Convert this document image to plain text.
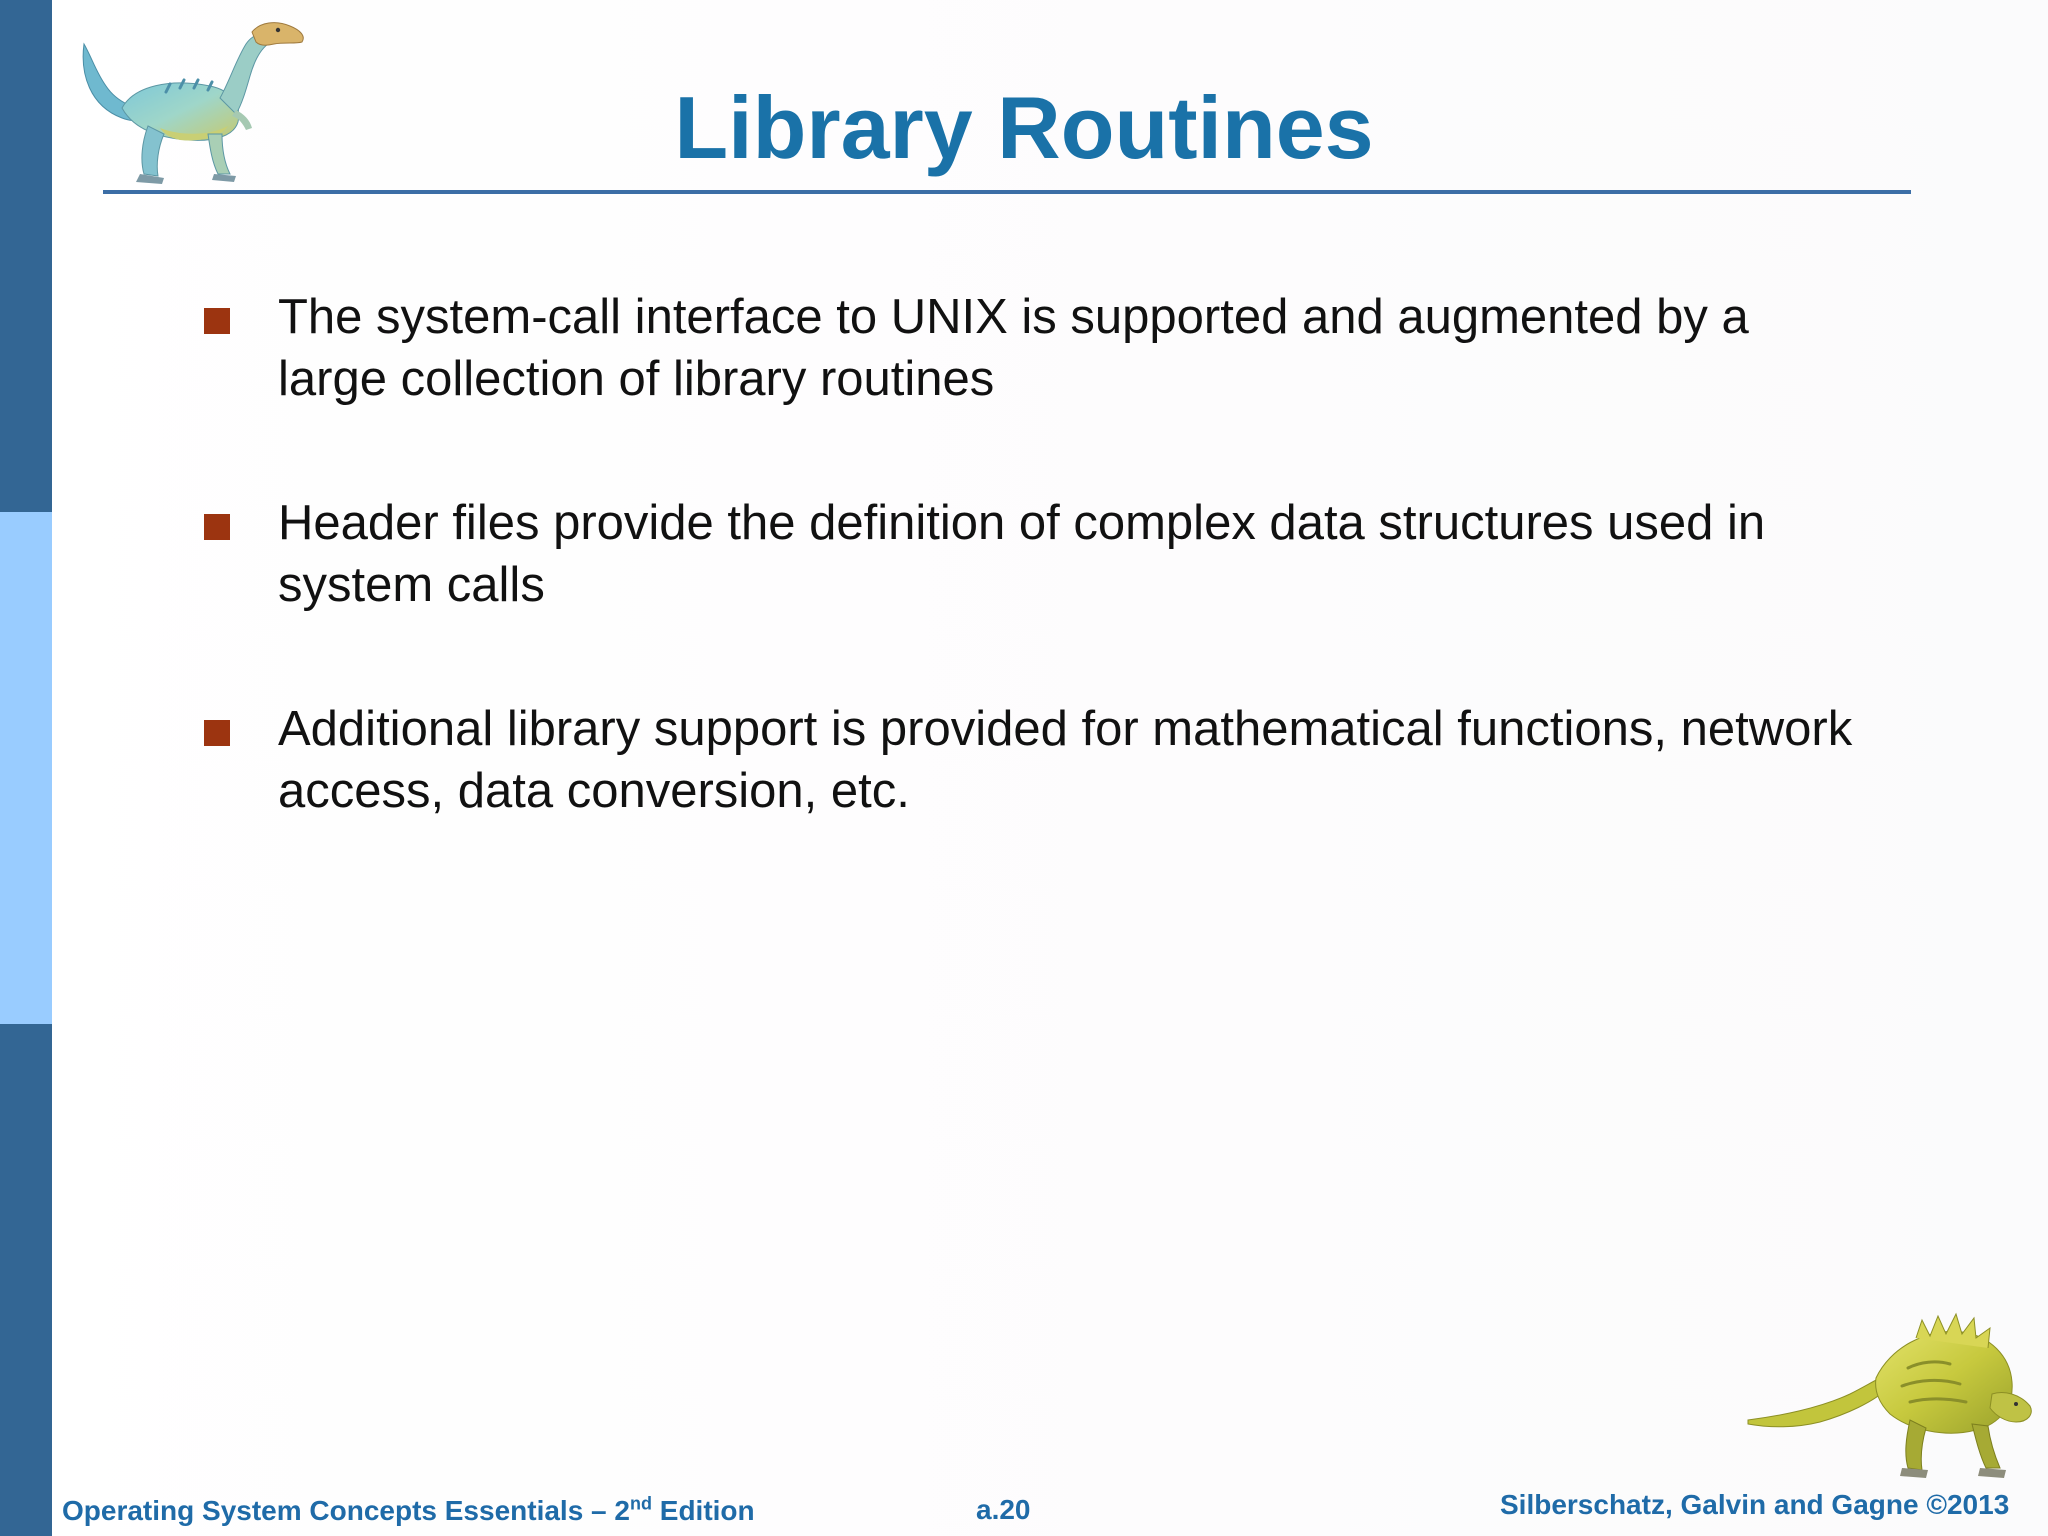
Library Routines
The system-call interface to UNIX is supported and augmented by a large collection of library routines
Header files provide the definition of complex data structures used in system calls
Additional library support is provided for mathematical functions, network access, data conversion, etc.
Operating System Concepts Essentials – 2nd Edition	a.20	Silberschatz, Galvin and Gagne ©2013
